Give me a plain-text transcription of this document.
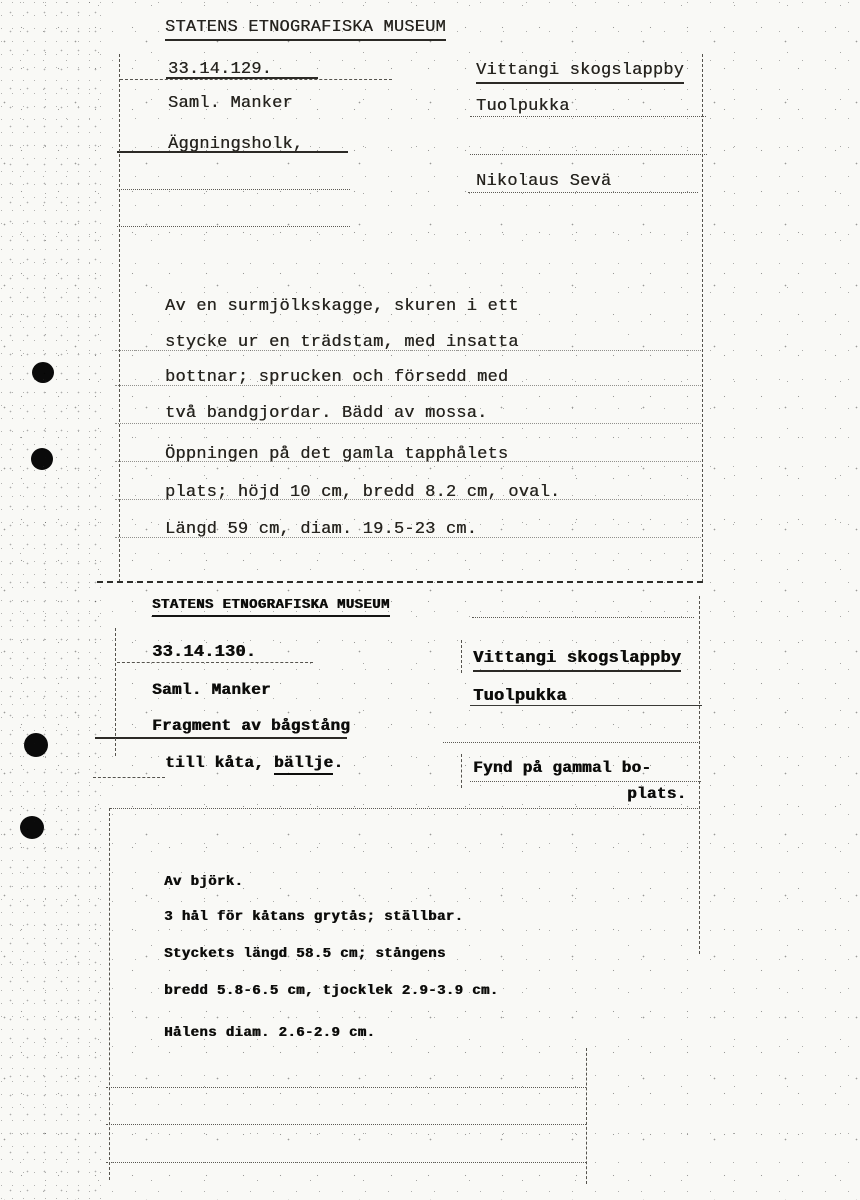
STATENS ETNOGRAFISKA MUSEUM
33.14.129.
Saml. Manker
Äggningsholk,
Vittangi skogslappby
Tuolpukka
Nikolaus Sevä
Av en surmjölkskagge, skuren i ett
stycke ur en trädstam, med insatta
bottnar; sprucken och försedd med
två bandgjordar. Bädd av mossa.
Öppningen på det gamla tapphålets
plats; höjd 10 cm, bredd 8.2 cm, oval.
Längd 59 cm, diam. 19.5-23 cm.
STATENS ETNOGRAFISKA MUSEUM
33.14.130.
Saml. Manker
Fragment av bågstång
till kåta, bällje.
Vittangi skogslappby
Tuolpukka
Fynd på gammal bo-
plats.
Av björk.
3 hål för kåtans grytås; ställbar.
Styckets längd 58.5 cm; stångens
bredd 5.8-6.5 cm, tjocklek 2.9-3.9 cm.
Hålens diam. 2.6-2.9 cm.
